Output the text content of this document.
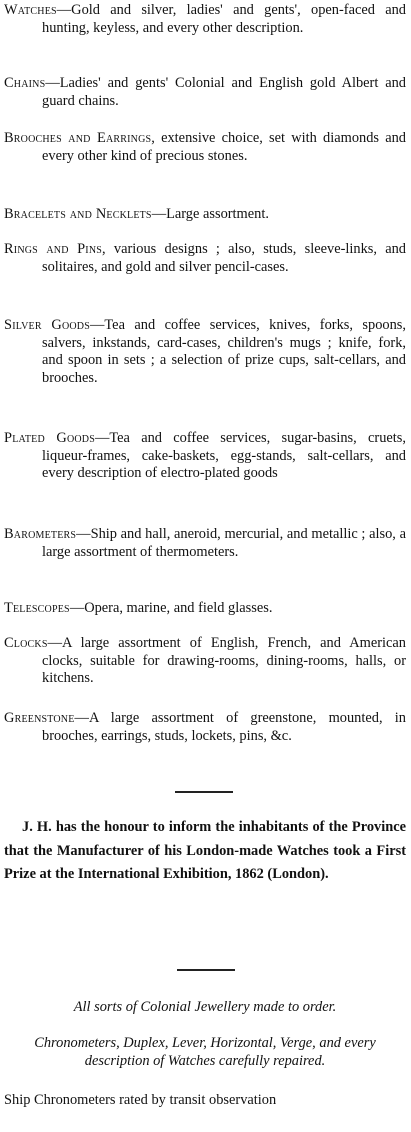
Watches—Gold and silver, ladies' and gents', open-faced and hunting, keyless, and every other description.

Chains—Ladies' and gents' Colonial and English gold Albert and guard chains.

Brooches and Earrings, extensive choice, set with diamonds and every other kind of precious stones.

Bracelets and Necklets—Large assortment.

Rings and Pins, various designs ; also, studs, sleeve-links, and solitaires, and gold and silver pencil-cases.

Silver Goods—Tea and coffee services, knives, forks, spoons, salvers, inkstands, card-cases, children's mugs ; knife, fork, and spoon in sets ; a selection of prize cups, salt-cellars, and brooches.

Plated Goods—Tea and coffee services, sugar-basins, cruets, liqueur-frames, cake-baskets, egg-stands, salt-cellars, and every description of electro-plated goods

Barometers—Ship and hall, aneroid, mercurial, and metallic ; also, a large assortment of thermometers.

Telescopes—Opera, marine, and field glasses.

Clocks—A large assortment of English, French, and American clocks, suitable for drawing-rooms, dining-rooms, halls, or kitchens.

Greenstone—A large assortment of greenstone, mounted, in brooches, earrings, studs, lockets, pins, &c.

J. H. has the honour to inform the inhabitants of the Province that the Manufacturer of his London-made Watches took a First Prize at the International Exhibition, 1862 (London).

All sorts of Colonial Jewellery made to order.
Chronometers, Duplex, Lever, Horizontal, Verge, and every description of Watches carefully repaired.
Ship Chronometers rated by transit observation
